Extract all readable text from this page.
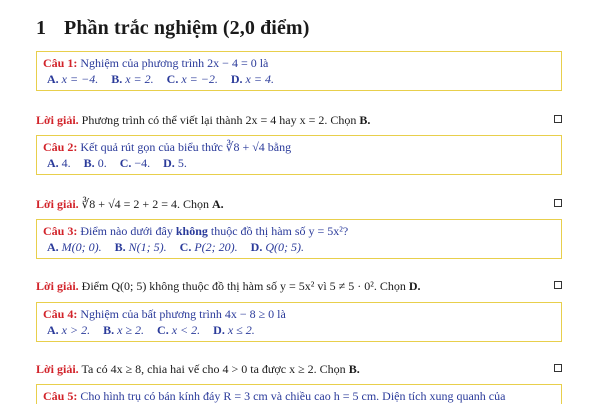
1 Phần trắc nghiệm (2,0 điểm)
Câu 1: Nghiệm của phương trình 2x − 4 = 0 là
A. x = −4. B. x = 2. C. x = −2. D. x = 4.
Lời giải. Phương trình có thể viết lại thành 2x = 4 hay x = 2. Chọn B.
Câu 2: Kết quả rút gọn của biểu thức ∛8 + √4 bằng
A. 4. B. 0. C. −4. D. 5.
Lời giải. ∛8 + √4 = 2 + 2 = 4. Chọn A.
Câu 3: Điểm nào dưới đây không thuộc đồ thị hàm số y = 5x²?
A. M(0; 0). B. N(1; 5). C. P(2; 20). D. Q(0; 5).
Lời giải. Điểm Q(0; 5) không thuộc đồ thị hàm số y = 5x² vì 5 ≠ 5 · 0². Chọn D.
Câu 4: Nghiệm của bất phương trình 4x − 8 ≥ 0 là
A. x > 2. B. x ≥ 2. C. x < 2. D. x ≤ 2.
Lời giải. Ta có 4x ≥ 8, chia hai vế cho 4 > 0 ta được x ≥ 2. Chọn B.
Câu 5: Cho hình trụ có bán kính đáy R = 3 cm và chiều cao h = 5 cm. Diện tích xung quanh của
